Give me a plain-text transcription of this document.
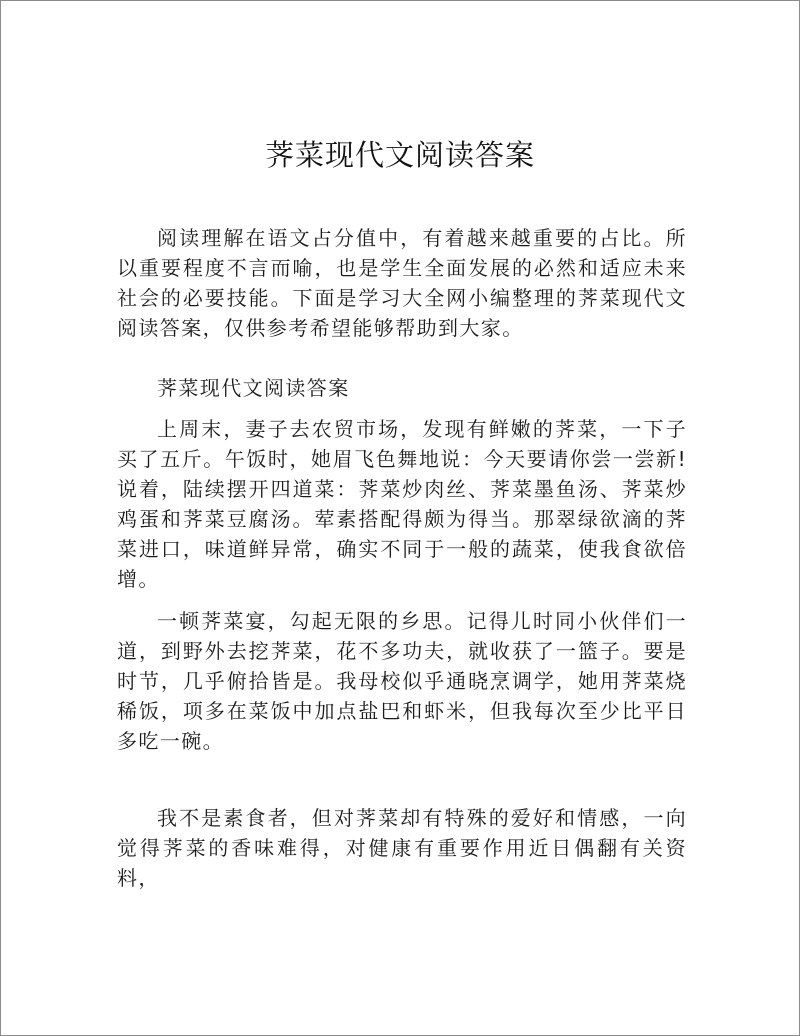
荠菜现代文阅读答案

阅读理解在语文占分值中，有着越来越重要的占比。所以重要程度不言而喻，也是学生全面发展的必然和适应未来社会的必要技能。下面是学习大全网小编整理的荠菜现代文阅读答案，仅供参考希望能够帮助到大家。

荠菜现代文阅读答案

上周末，妻子去农贸市场，发现有鲜嫩的荠菜，一下子买了五斤。午饭时，她眉飞色舞地说：今天要请你尝一尝新!说着，陆续摆开四道菜：荠菜炒肉丝、荠菜墨鱼汤、荠菜炒鸡蛋和荠菜豆腐汤。荤素搭配得颇为得当。那翠绿欲滴的荠菜进口，味道鲜异常，确实不同于一般的蔬菜，使我食欲倍增。

一顿荠菜宴，勾起无限的乡思。记得儿时同小伙伴们一道，到野外去挖荠菜，花不多功夫，就收获了一篮子。要是时节，几乎俯拾皆是。我母校似乎通晓烹调学，她用荠菜烧稀饭，项多在菜饭中加点盐巴和虾米，但我每次至少比平日多吃一碗。

我不是素食者，但对荠菜却有特殊的爱好和情感，一向觉得荠菜的香味难得，对健康有重要作用近日偶翻有关资料，
